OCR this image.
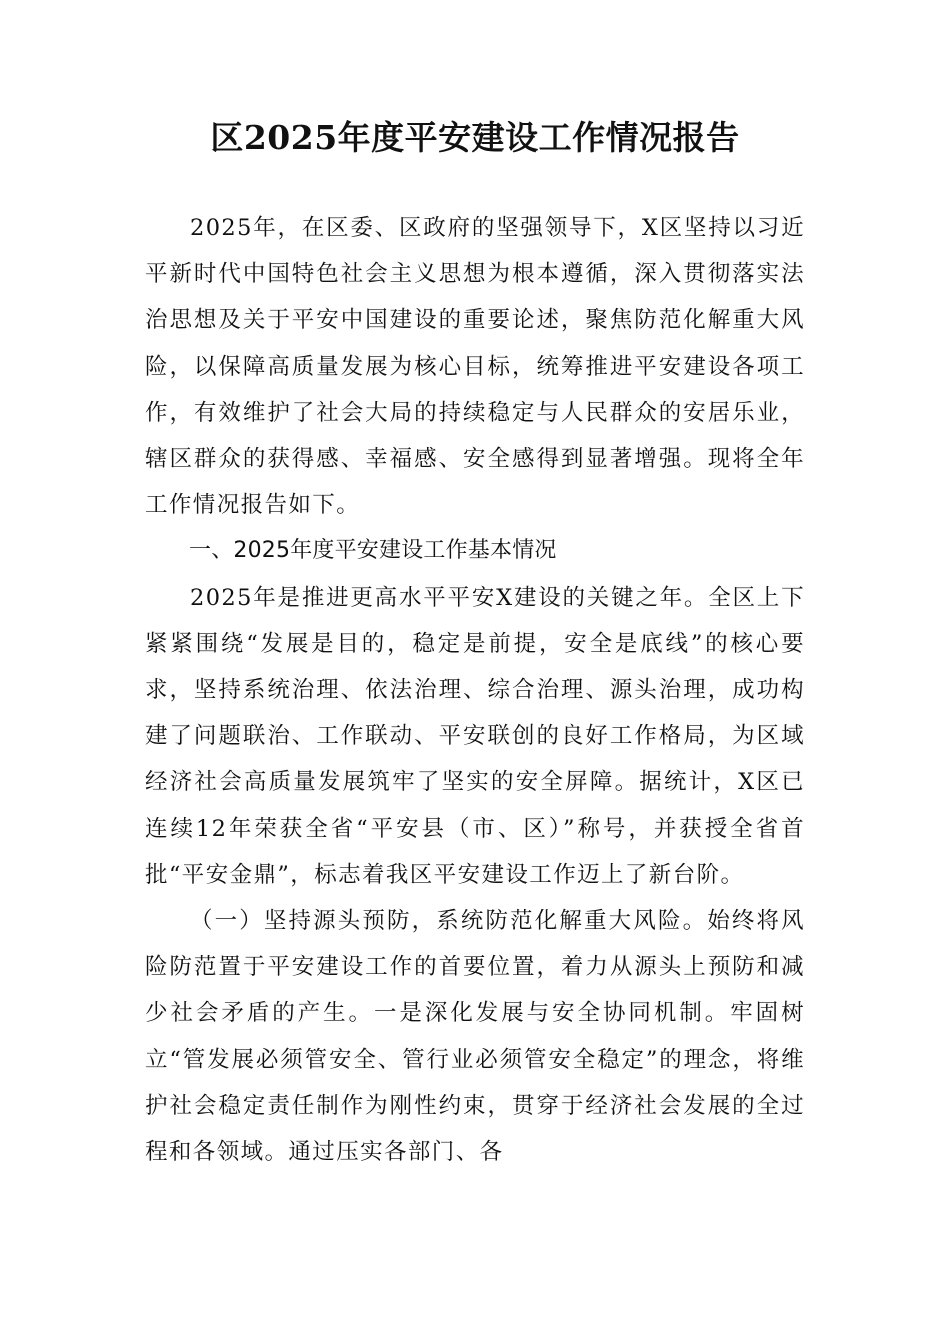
区2025年度平安建设工作情况报告

2025年，在区委、区政府的坚强领导下，X区坚持以习近平新时代中国特色社会主义思想为根本遵循，深入贯彻落实法治思想及关于平安中国建设的重要论述，聚焦防范化解重大风险，以保障高质量发展为核心目标，统筹推进平安建设各项工作，有效维护了社会大局的持续稳定与人民群众的安居乐业，辖区群众的获得感、幸福感、安全感得到显著增强。现将全年工作情况报告如下。

一、2025年度平安建设工作基本情况

2025年是推进更高水平平安X建设的关键之年。全区上下紧紧围绕“发展是目的，稳定是前提，安全是底线”的核心要求，坚持系统治理、依法治理、综合治理、源头治理，成功构建了问题联治、工作联动、平安联创的良好工作格局，为区域经济社会高质量发展筑牢了坚实的安全屏障。据统计，X区已连续12年荣获全省“平安县（市、区）”称号，并获授全省首批“平安金鼎”，标志着我区平安建设工作迈上了新台阶。

（一）坚持源头预防，系统防范化解重大风险。始终将风险防范置于平安建设工作的首要位置，着力从源头上预防和减少社会矛盾的产生。一是深化发展与安全协同机制。牢固树立“管发展必须管安全、管行业必须管安全稳定”的理念，将维护社会稳定责任制作为刚性约束，贯穿于经济社会发展的全过程和各领域。通过压实各部门、各
